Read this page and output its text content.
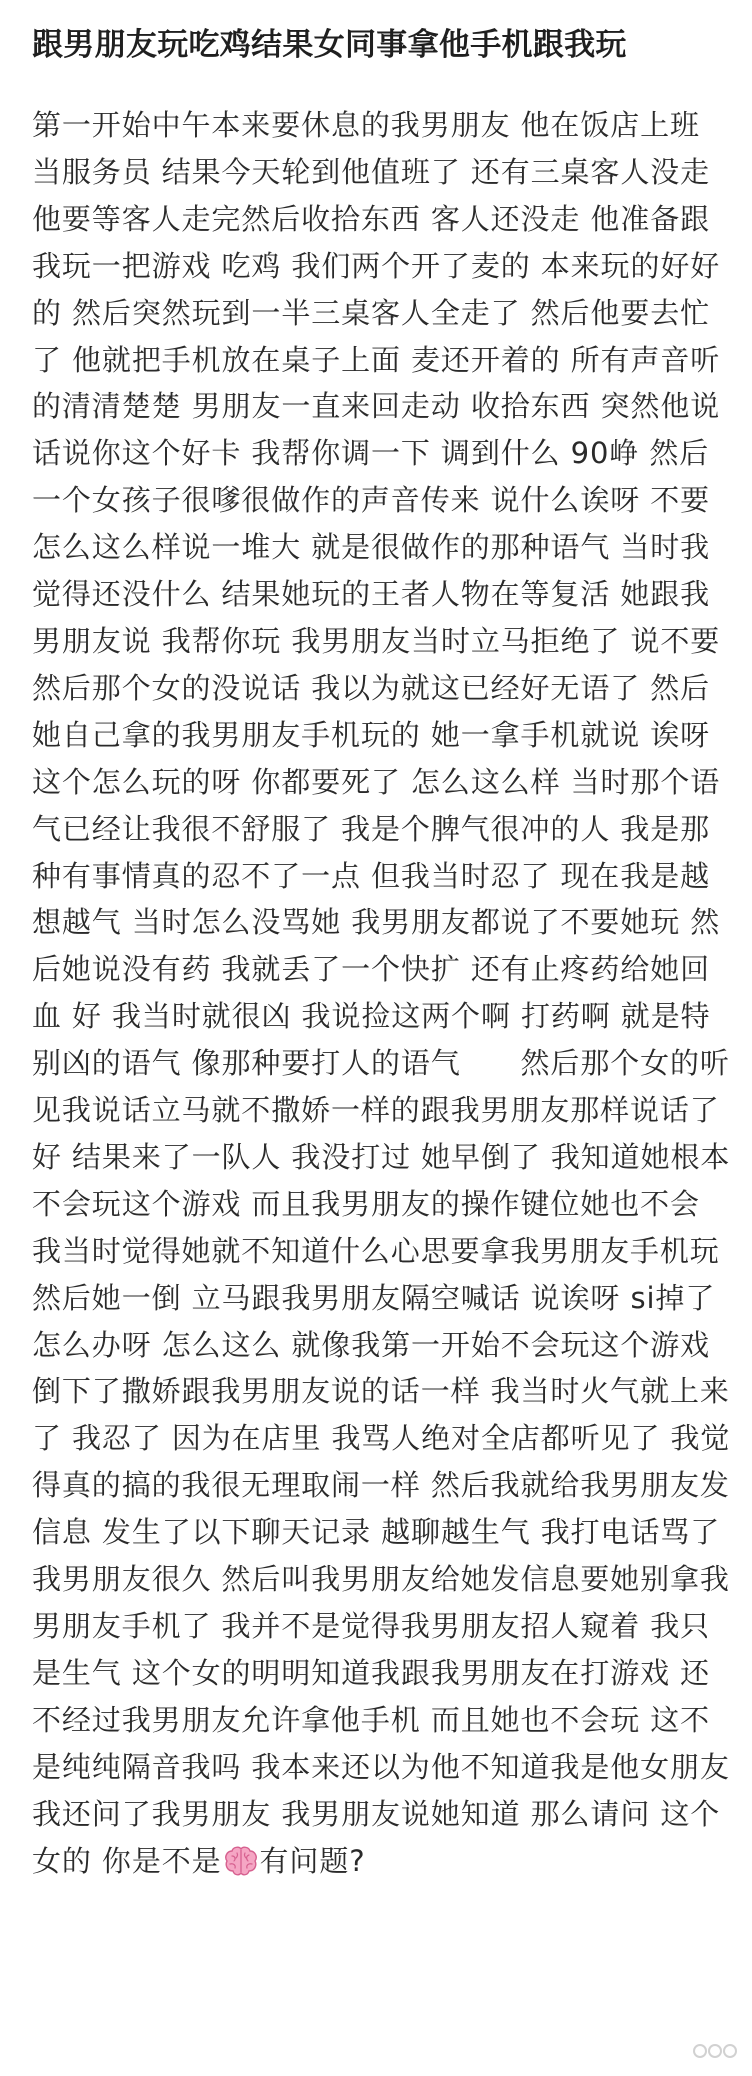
跟男朋友玩吃鸡结果女同事拿他手机跟我玩

第一开始中午本来要休息的我男朋友 他在饭店上班 当服务员 结果今天轮到他值班了 还有三桌客人没走 他要等客人走完然后收拾东西 客人还没走 他准备跟我玩一把游戏 吃鸡 我们两个开了麦的 本来玩的好好的 然后突然玩到一半三桌客人全走了 然后他要去忙了 他就把手机放在桌子上面 麦还开着的 所有声音听的清清楚楚 男朋友一直来回走动 收拾东西 突然他说话说你这个好卡 我帮你调一下 调到什么 90峥 然后一个女孩子很嗲很做作的声音传来 说什么诶呀 不要 怎么这么样说一堆大 就是很做作的那种语气 当时我觉得还没什么 结果她玩的王者人物在等复活 她跟我男朋友说 我帮你玩 我男朋友当时立马拒绝了 说不要 然后那个女的没说话 我以为就这已经好无语了 然后她自己拿的我男朋友手机玩的 她一拿手机就说 诶呀 这个怎么玩的呀 你都要死了 怎么这么样 当时那个语气已经让我很不舒服了 我是个脾气很冲的人 我是那种有事情真的忍不了一点 但我当时忍了 现在我是越想越气 当时怎么没骂她 我男朋友都说了不要她玩 然后她说没有药 我就丢了一个快扩 还有止疼药给她回血 好 我当时就很凶 我说捡这两个啊 打药啊 就是特别凶的语气 像那种要打人的语气　　然后那个女的听见我说话立马就不撒娇一样的跟我男朋友那样说话了 好 结果来了一队人 我没打过 她早倒了 我知道她根本不会玩这个游戏 而且我男朋友的操作键位她也不会 我当时觉得她就不知道什么心思要拿我男朋友手机玩 然后她一倒 立马跟我男朋友隔空喊话 说诶呀 si掉了 怎么办呀 怎么这么 就像我第一开始不会玩这个游戏倒下了撒娇跟我男朋友说的话一样 我当时火气就上来了 我忍了 因为在店里 我骂人绝对全店都听见了 我觉得真的搞的我很无理取闹一样 然后我就给我男朋友发信息 发生了以下聊天记录 越聊越生气 我打电话骂了我男朋友很久 然后叫我男朋友给她发信息要她别拿我男朋友手机了 我并不是觉得我男朋友招人窥着 我只是生气 这个女的明明知道我跟我男朋友在打游戏 还不经过我男朋友允许拿他手机 而且她也不会玩 这不是纯纯隔音我吗 我本来还以为他不知道我是他女朋友 我还问了我男朋友 我男朋友说她知道 那么请问 这个女的 你是不是 有问题?
